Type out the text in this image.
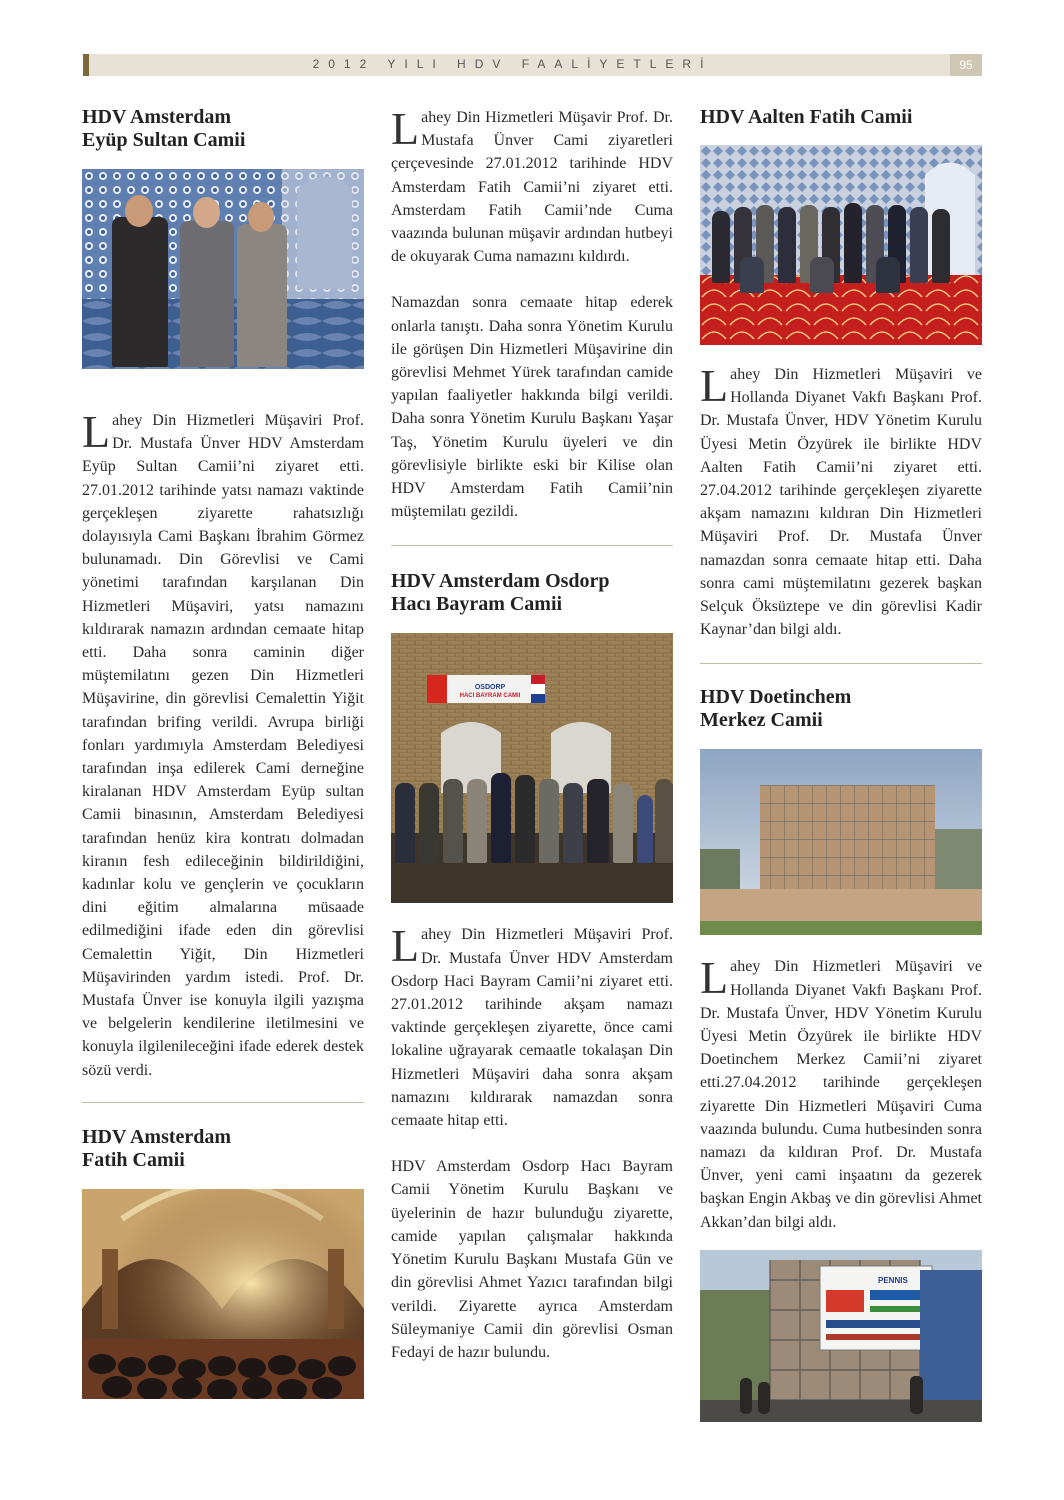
2012 YILI HDV FAALİYETLERİ	95
HDV Amsterdam
Eyüp Sultan Camii

Lahey Din Hizmetleri Müşaviri Prof. Dr. Mustafa Ünver HDV Amsterdam Eyüp Sultan Camii’ni ziyaret etti. 27.01.2012 tarihinde yatsı namazı vaktinde gerçekleşen ziyarette rahatsızlığı dolayısıyla Cami Başkanı İbrahim Görmez bulunamadı. Din Görevlisi ve Cami yönetimi tarafından karşılanan Din Hizmetleri Müşaviri, yatsı namazını kıldırarak namazın ardından cemaate hitap etti. Daha sonra caminin diğer müştemilatını gezen Din Hizmetleri Müşavirine, din görevlisi Cemalettin Yiğit tarafından brifing verildi. Avrupa birliği fonları yardımıyla Amsterdam Belediyesi tarafından inşa edilerek Cami derneğine kiralanan HDV Amsterdam Eyüp sultan Camii binasının, Amsterdam Belediyesi tarafından henüz kira kontratı dolmadan kiranın fesh edileceğinin bildirildiğini, kadınlar kolu ve gençlerin ve çocukların dini eğitim almalarına müsaade edilmediğini ifade eden din görevlisi Cemalettin Yiğit, Din Hizmetleri Müşavirinden yardım istedi. Prof. Dr. Mustafa Ünver ise konuyla ilgili yazışma ve belgelerin kendilerine iletilmesini ve konuyla ilgilenileceğini ifade ederek destek sözü verdi.

HDV Amsterdam
Fatih Camii

Lahey Din Hizmetleri Müşavir Prof. Dr. Mustafa Ünver Cami ziyaretleri çerçevesinde 27.01.2012 tarihinde HDV Amsterdam Fatih Camii’ni ziyaret etti. Amsterdam Fatih Camii’nde Cuma vaazında bulunan müşavir ardından hutbeyi de okuyarak Cuma namazını kıldırdı.

Namazdan sonra cemaate hitap ederek onlarla tanıştı. Daha sonra Yönetim Kurulu ile görüşen Din Hizmetleri Müşavirine din görevlisi Mehmet Yürek tarafından camide yapılan faaliyetler hakkında bilgi verildi. Daha sonra Yönetim Kurulu Başkanı Yaşar Taş, Yönetim Kurulu üyeleri ve din görevlisiyle birlikte eski bir Kilise olan HDV Amsterdam Fatih Camii’nin müştemilatı gezildi.

HDV Amsterdam Osdorp
Hacı Bayram Camii
OSDORP
HACI BAYRAM CAMII

Lahey Din Hizmetleri Müşaviri Prof. Dr. Mustafa Ünver HDV Amsterdam Osdorp Haci Bayram Camii’ni ziyaret etti. 27.01.2012 tarihinde akşam namazı vaktinde gerçekleşen ziyarette, önce cami lokaline uğrayarak cemaatle tokalaşan Din Hizmetleri Müşaviri daha sonra akşam namazını kıldırarak namazdan sonra cemaate hitap etti.

HDV Amsterdam Osdorp Hacı Bayram Camii Yönetim Kurulu Başkanı ve üyelerinin de hazır bulunduğu ziyarette, camide yapılan çalışmalar hakkında Yönetim Kurulu Başkanı Mustafa Gün ve din görevlisi Ahmet Yazıcı tarafından bilgi verildi. Ziyarette ayrıca Amsterdam Süleymaniye Camii din görevlisi Osman Fedayi de hazır bulundu.

HDV Aalten Fatih Camii

Lahey Din Hizmetleri Müşaviri ve Hollanda Diyanet Vakfı Başkanı Prof. Dr. Mustafa Ünver, HDV Yönetim Kurulu Üyesi Metin Özyürek ile birlikte HDV Aalten Fatih Camii’ni ziyaret etti. 27.04.2012 tarihinde gerçekleşen ziyarette akşam namazını kıldıran Din Hizmetleri Müşaviri Prof. Dr. Mustafa Ünver namazdan sonra cemaate hitap etti. Daha sonra cami müştemilatını gezerek başkan Selçuk Öksüztepe ve din görevlisi Kadir Kaynar’dan bilgi aldı.

HDV Doetinchem
Merkez Camii

Lahey Din Hizmetleri Müşaviri ve Hollanda Diyanet Vakfı Başkanı Prof. Dr. Mustafa Ünver, HDV Yönetim Kurulu Üyesi Metin Özyürek ile birlikte HDV Doetinchem Merkez Camii’ni ziyaret etti.27.04.2012 tarihinde gerçekleşen ziyarette Din Hizmetleri Müşaviri Cuma vaazında bulundu. Cuma hutbesinden sonra namazı da kıldıran Prof. Dr. Mustafa Ünver, yeni cami inşaatını da gezerek başkan Engin Akbaş ve din görevlisi Ahmet Akkan’dan bilgi aldı.

PENNIS
